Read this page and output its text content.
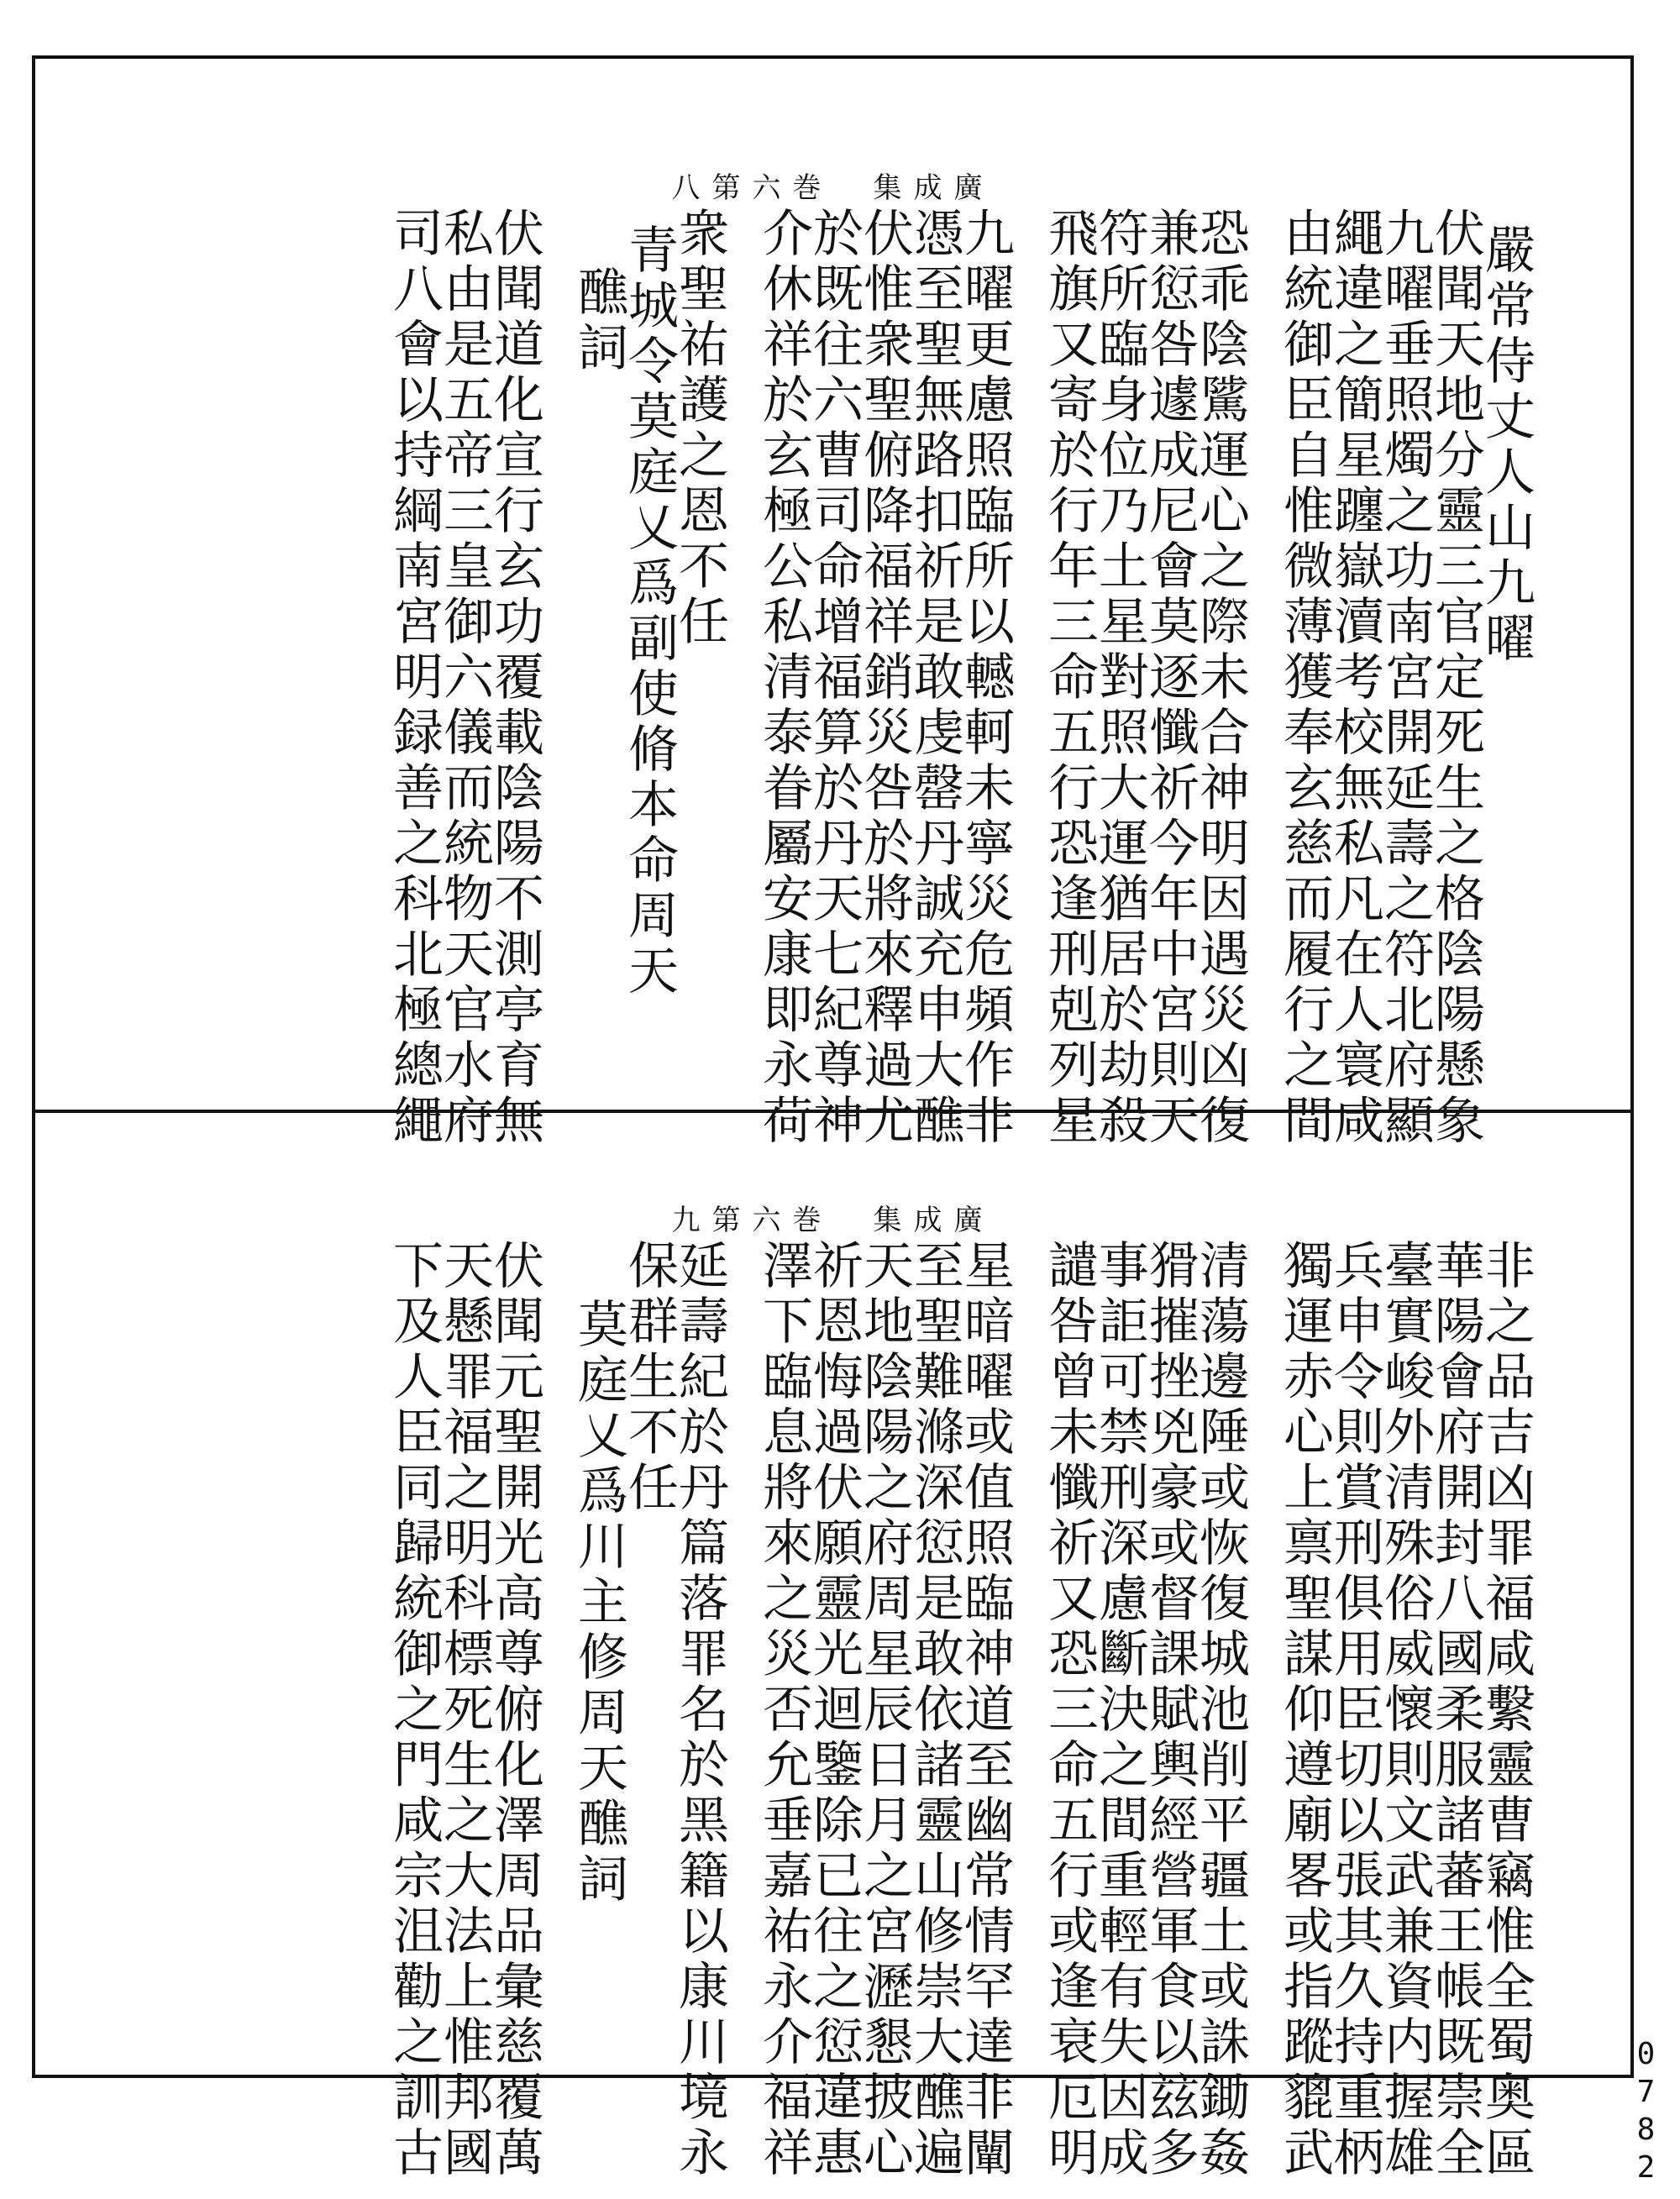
八第六巻　集成廣
嚴常侍丈人山九曜
伏聞天地分靈三官定死生之格陰陽懸象
九曜垂照燭之功南宮開延壽之符北府顯
繩違之簡星躔嶽瀆考校無私凡在人寰咸
由統御臣自惟微薄獲奉玄慈而履行之間
恐乖陰騭運心之際未合神明因遇災凶復
兼愆咎遽成尼會莫逐懺祈今年中宮則天
符所臨身位乃土星對照大運猶居於劫殺
飛旗又寄於行年三命五行恐逢刑剋列星
九曜更慮照臨所以轗軻未寧災危頻作非
憑至聖無路扣祈是敢虔罄丹誠充申大醮
伏惟衆聖俯降福祥銷災咎於將來釋過尤
於既往六曹司命增福算於丹天七紀尊神
介休祥於玄極公私清泰眷屬安康即永荷
衆聖祐護之恩不任
青城令莫庭乂爲副使脩本命周天
醮詞
伏聞道化宣行玄功覆載陰陽不測亭育無
私由是五帝三皇御六儀而統物天官水府
司八會以持綱南宮明録善之科北極總繩
九第六巻　集成廣
非之品吉凶罪福咸繫靈曹竊惟全蜀奥區
華陽會府開封八國柔服諸蕃王帳既崇全
臺實峻外清殊俗威懷則文武兼資内握雄
兵申令則賞刑俱用臣切以張其久持重柄
獨運赤心上禀聖謀仰遵廟畧或指蹤貔武
清蕩邊陲或恢復城池削平疆土或誅鋤姦
猾摧挫兇豪或督課賦輿經營軍食以玆多
事詎可禁刑深慮斷決之間重輕有失因成
譴咎曾未懺祈又恐三命五行或逢衰厄明
星暗曜或值照臨神道至幽常情罕達非闡
至聖難滌深愆是敢依諸靈山修崇大醮遍
天地陰陽之府周星辰日月之宮瀝懇披心
祈恩悔過伏願靈光迴鑒除已往之愆違惠
澤下臨息將來之災否允垂嘉祐永介福祥
延壽紀於丹篇落罪名於黑籍以康川境永
保群生不任
莫庭乂爲川主修周天醮詞
伏聞元聖開光高尊俯化澤周品彙慈覆萬
天懸罪福之明科標死生之大法上惟邦國
下及人臣同歸統御之門咸宗沮勸之訓古	0782
